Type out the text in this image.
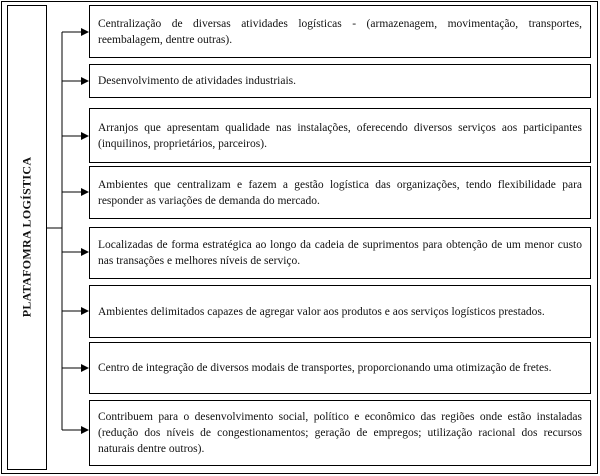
PLATAFOMRA LOGÍSTICA
Centralização de diversas atividades logísticas - (armazenagem, movimentação, transportes, reembalagem, dentre outras).
Desenvolvimento de atividades industriais.
Arranjos que apresentam qualidade nas instalações, oferecendo diversos serviços aos participantes (inquilinos, proprietários, parceiros).
Ambientes que centralizam e fazem a gestão logística das organizações, tendo flexibilidade para responder as variações de demanda do mercado.
Localizadas de forma estratégica ao longo da cadeia de suprimentos para obtenção de um menor custo nas transações e melhores níveis de serviço.
Ambientes delimitados capazes de agregar valor aos produtos e aos serviços logísticos prestados.
Centro de integração de diversos modais de transportes, proporcionando uma otimização de fretes.
Contribuem para o desenvolvimento social, político e econômico das regiões onde estão instaladas (redução dos níveis de congestionamentos; geração de empregos; utilização racional dos recursos naturais dentre outros).
